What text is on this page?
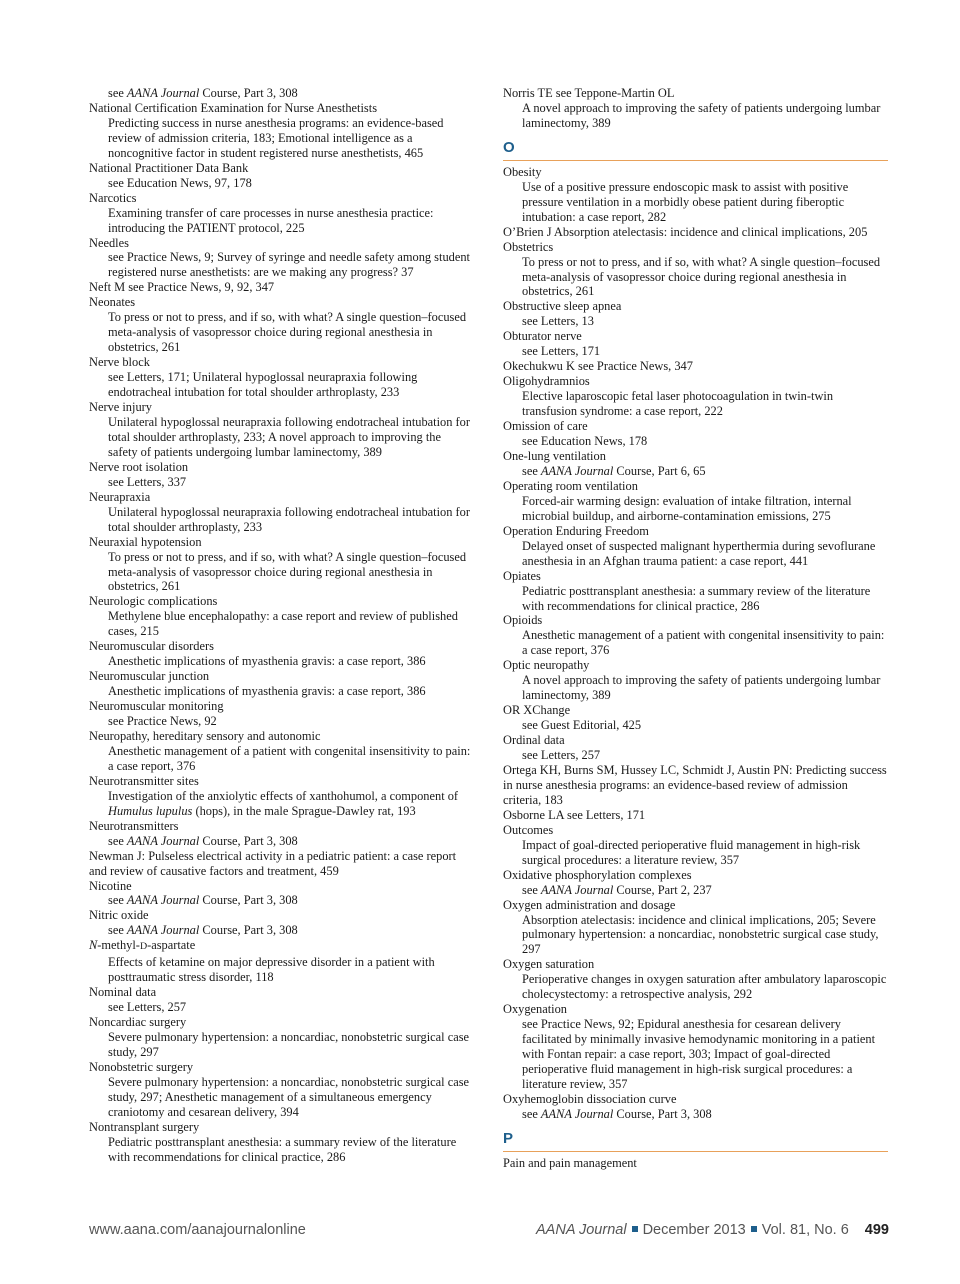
see AANA Journal Course, Part 3, 308
National Certification Examination for Nurse Anesthetists
Predicting success in nurse anesthesia programs: an evidence-based review of admission criteria, 183; Emotional intelligence as a noncognitive factor in student registered nurse anesthetists, 465
National Practitioner Data Bank
see Education News, 97, 178
Narcotics
Examining transfer of care processes in nurse anesthesia practice: introducing the PATIENT protocol, 225
Needles
see Practice News, 9; Survey of syringe and needle safety among student registered nurse anesthetists: are we making any progress? 37
Neft M see Practice News, 9, 92, 347
Neonates
To press or not to press, and if so, with what? A single question–focused meta-analysis of vasopressor choice during regional anesthesia in obstetrics, 261
Nerve block
see Letters, 171; Unilateral hypoglossal neurapraxia following endotracheal intubation for total shoulder arthroplasty, 233
Nerve injury
Unilateral hypoglossal neurapraxia following endotracheal intubation for total shoulder arthroplasty, 233; A novel approach to improving the safety of patients undergoing lumbar laminectomy, 389
Nerve root isolation
see Letters, 337
Neurapraxia
Unilateral hypoglossal neurapraxia following endotracheal intubation for total shoulder arthroplasty, 233
Neuraxial hypotension
To press or not to press, and if so, with what? A single question–focused meta-analysis of vasopressor choice during regional anesthesia in obstetrics, 261
Neurologic complications
Methylene blue encephalopathy: a case report and review of published cases, 215
Neuromuscular disorders
Anesthetic implications of myasthenia gravis: a case report, 386
Neuromuscular junction
Anesthetic implications of myasthenia gravis: a case report, 386
Neuromuscular monitoring
see Practice News, 92
Neuropathy, hereditary sensory and autonomic
Anesthetic management of a patient with congenital insensitivity to pain: a case report, 376
Neurotransmitter sites
Investigation of the anxiolytic effects of xanthohumol, a component of Humulus lupulus (hops), in the male Sprague-Dawley rat, 193
Neurotransmitters
see AANA Journal Course, Part 3, 308
Newman J: Pulseless electrical activity in a pediatric patient: a case report and review of causative factors and treatment, 459
Nicotine
see AANA Journal Course, Part 3, 308
Nitric oxide
see AANA Journal Course, Part 3, 308
N-methyl-D-aspartate
Effects of ketamine on major depressive disorder in a patient with posttraumatic stress disorder, 118
Nominal data
see Letters, 257
Noncardiac surgery
Severe pulmonary hypertension: a noncardiac, nonobstetric surgical case study, 297
Nonobstetric surgery
Severe pulmonary hypertension: a noncardiac, nonobstetric surgical case study, 297; Anesthetic management of a simultaneous emergency craniotomy and cesarean delivery, 394
Nontransplant surgery
Pediatric posttransplant anesthesia: a summary review of the literature with recommendations for clinical practice, 286
Norris TE see Teppone-Martin OL
A novel approach to improving the safety of patients undergoing lumbar laminectomy, 389
O
Obesity
Use of a positive pressure endoscopic mask to assist with positive pressure ventilation in a morbidly obese patient during fiberoptic intubation: a case report, 282
O’Brien J Absorption atelectasis: incidence and clinical implications, 205
Obstetrics
To press or not to press, and if so, with what? A single question–focused meta-analysis of vasopressor choice during regional anesthesia in obstetrics, 261
Obstructive sleep apnea
see Letters, 13
Obturator nerve
see Letters, 171
Okechukwu K see Practice News, 347
Oligohydramnios
Elective laparoscopic fetal laser photocoagulation in twin-twin transfusion syndrome: a case report, 222
Omission of care
see Education News, 178
One-lung ventilation
see AANA Journal Course, Part 6, 65
Operating room ventilation
Forced-air warming design: evaluation of intake filtration, internal microbial buildup, and airborne-contamination emissions, 275
Operation Enduring Freedom
Delayed onset of suspected malignant hyperthermia during sevoflurane anesthesia in an Afghan trauma patient: a case report, 441
Opiates
Pediatric posttransplant anesthesia: a summary review of the literature with recommendations for clinical practice, 286
Opioids
Anesthetic management of a patient with congenital insensitivity to pain: a case report, 376
Optic neuropathy
A novel approach to improving the safety of patients undergoing lumbar laminectomy, 389
OR XChange
see Guest Editorial, 425
Ordinal data
see Letters, 257
Ortega KH, Burns SM, Hussey LC, Schmidt J, Austin PN: Predicting success in nurse anesthesia programs: an evidence-based review of admission criteria, 183
Osborne LA see Letters, 171
Outcomes
Impact of goal-directed perioperative fluid management in high-risk surgical procedures: a literature review, 357
Oxidative phosphorylation complexes
see AANA Journal Course, Part 2, 237
Oxygen administration and dosage
Absorption atelectasis: incidence and clinical implications, 205; Severe pulmonary hypertension: a noncardiac, nonobstetric surgical case study, 297
Oxygen saturation
Perioperative changes in oxygen saturation after ambulatory laparoscopic cholecystectomy: a retrospective analysis, 292
Oxygenation
see Practice News, 92; Epidural anesthesia for cesarean delivery facilitated by minimally invasive hemodynamic monitoring in a patient with Fontan repair: a case report, 303; Impact of goal-directed perioperative fluid management in high-risk surgical procedures: a literature review, 357
Oxyhemoglobin dissociation curve
see AANA Journal Course, Part 3, 308
P
Pain and pain management
www.aana.com/aanajournalonline	AANA Journal December 2013 Vol. 81, No. 6 499
